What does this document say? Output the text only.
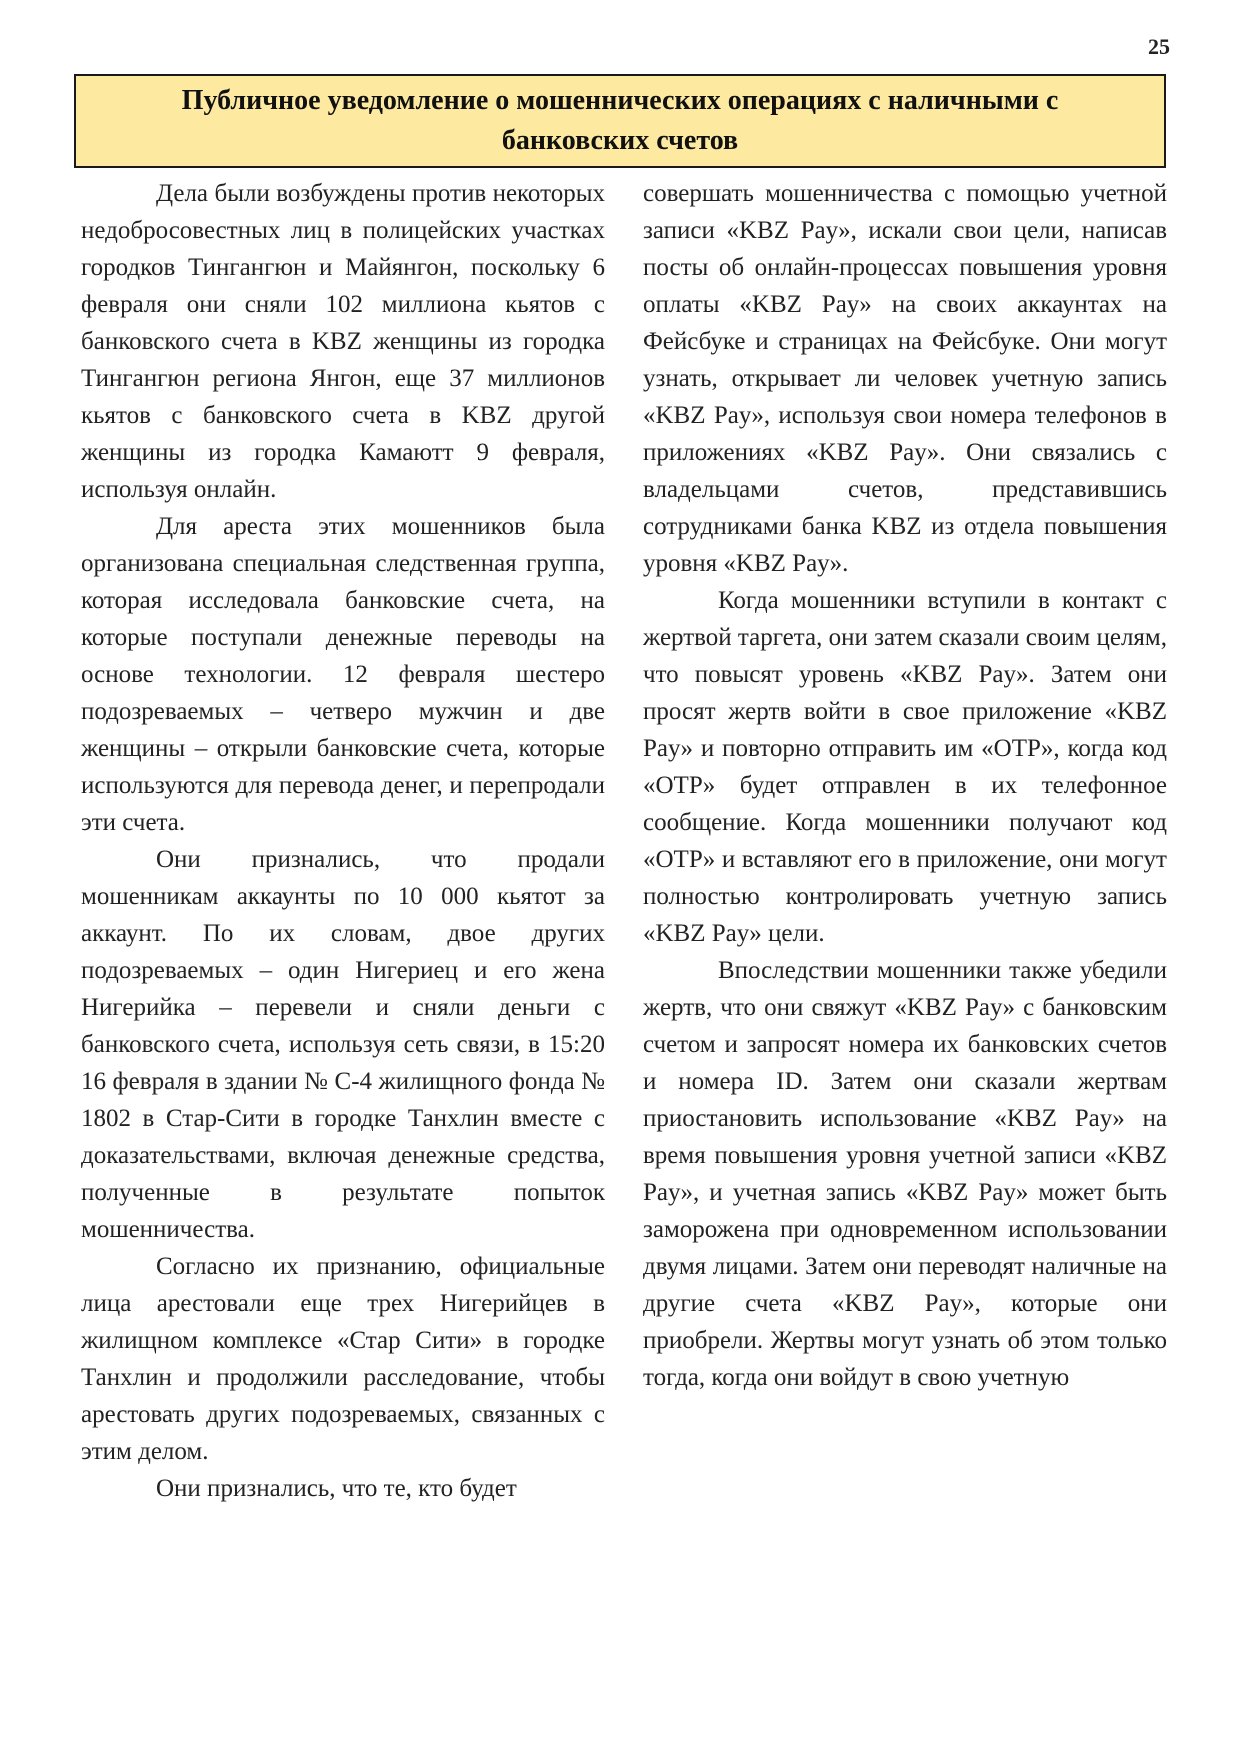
25
Публичное уведомление о мошеннических операциях с наличными с банковских счетов

Дела были возбуждены против некоторых недобросовестных лиц в полицейских участках городков Тингангюн и Майянгон, поскольку 6 февраля они сняли 102 миллиона кьятов с банковского счета в KBZ женщины из городка Тингангюн региона Янгон, еще 37 миллионов кьятов с банковского счета в KBZ другой женщины из городка Камаютт 9 февраля, используя онлайн.

Для ареста этих мошенников была организована специальная следственная группа, которая исследовала банковские счета, на которые поступали денежные переводы на основе технологии. 12 февраля шестеро подозреваемых – четверо мужчин и две женщины – открыли банковские счета, которые используются для перевода денег, и перепродали эти счета.

Они признались, что продали мошенникам аккаунты по 10 000 кьятот за аккаунт. По их словам, двое других подозреваемых – один Нигериец и его жена Нигерийка – перевели и сняли деньги с банковского счета, используя сеть связи, в 15:20 16 февраля в здании № С-4 жилищного фонда № 1802 в Стар-Сити в городке Танхлин вместе с доказательствами, включая денежные средства, полученные в результате попыток мошенничества.

Согласно их признанию, официальные лица арестовали еще трех Нигерийцев в жилищном комплексе «Стар Сити» в городке Танхлин и продолжили расследование, чтобы арестовать других подозреваемых, связанных с этим делом.

Они признались, что те, кто будет

совершать мошенничества с помощью учетной записи «KBZ Pay», искали свои цели, написав посты об онлайн-процессах повышения уровня оплаты «KBZ Pay» на своих аккаунтах на Фейсбуке и страницах на Фейсбуке. Они могут узнать, открывает ли человек учетную запись «KBZ Pay», используя свои номера телефонов в приложениях «KBZ Pay». Они связались с владельцами счетов, представившись сотрудниками банка KBZ из отдела повышения уровня «KBZ Pay».

Когда мошенники вступили в контакт с жертвой таргета, они затем сказали своим целям, что повысят уровень «KBZ Pay». Затем они просят жертв войти в свое приложение «KBZ Pay» и повторно отправить им «OTP», когда код «OTP» будет отправлен в их телефонное сообщение. Когда мошенники получают код «OTP» и вставляют его в приложение, они могут полностью контролировать учетную запись «KBZ Pay» цели.

Впоследствии мошенники также убедили жертв, что они свяжут «KBZ Pay» с банковским счетом и запросят номера их банковских счетов и номера ID. Затем они сказали жертвам приостановить использование «KBZ Pay» на время повышения уровня учетной записи «KBZ Pay», и учетная запись «KBZ Pay» может быть заморожена при одновременном использовании двумя лицами. Затем они переводят наличные на другие счета «KBZ Pay», которые они приобрели. Жертвы могут узнать об этом только тогда, когда они войдут в свою учетную
